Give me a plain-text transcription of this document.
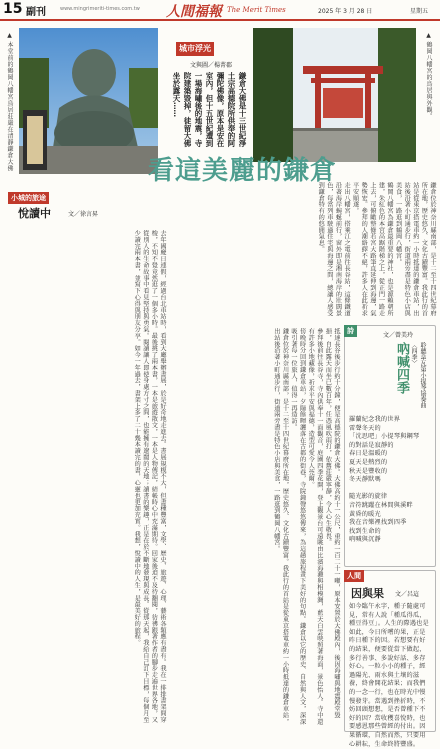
15 副刊	www.mingrimeriti-times.com.tw 人間福報 The Merit Times	2025 年 3 月 28 日	星期五
▲ 本堂前的鶴岡八幡宮鳥居莊嚴在清靜鎌倉大佛	城市浮光
文與圖／楊菁郡
鎌倉大佛是十三世紀淨土宗高德院所供奉的阿彌陀佛像，原本是安在室內，但十五世紀遭到一場海嘯後的地震，寺院建築毀掉，徒留大佛坐於露天……	▲ 鶴岡八幡宮的鳥居與外觀。
看這美麗的鎌倉

鎌倉位於神奈川縣南部，是十二至十四世紀幕府所在地，歷史悠久、文化古蹟豐富。我此行的首站是從東京搭電車約一小時抵達的鎌倉車站，出站後沿著小町通步行，街道兩旁盡是特色小店與美食，一路逛到鶴岡八幡宮。

鶴岡八幡宮為鎌倉最重要的神社，也是源賴朝所建，朱紅色的本宮高踞階梯之上，從正門一路走上去，可俯瞰整條若宮大路筆直延伸到海邊，氣勢恢宏。參拜的人潮絡繹不絕，許多人在此祈求平安順遂。

走出八幡宮，搭乘江之電前往長谷站，這條鐵道沿著海岸蜿蜒前行，窗外即是湘南海岸的壯闊景色，每當列車駛過住宅與海邊之間，總讓人感受到鎌倉特有的悠閒氣息。

抵達長谷後步行約十分鐘，便是高德院的鎌倉大佛。大佛高約十一公尺，重約一百二十一噸，原本安置於大佛殿內，後因海嘯與地震殿堂毀損，自此露天而坐已數百年，任憑風吹雨打，依舊莊嚴寧靜，令人心生敬畏。

參拜後前往長谷寺，寺內供奉十一面觀音，庭園四季花開，登上觀景台可遠眺由比濱海灘與相模灣，藍天白雲映照著海面，景色怡人。寺中還有許多小地藏像，祈求平安與福德，造型可愛令人莞爾。

傍晚時分回到鎌倉車站，夕陽餘暉灑落在古都的街巷，寺院鐘聲悠悠傳來，為這趟旅程畫下美好的句點。鎌倉以它的歷史、自然與人文，深深吸引著每一位旅人，值得一再造訪。

鎌倉位於神奈川縣南部，是十二至十四世紀幕府所在地，歷史悠久、文化古蹟豐富。我此行的首站是從東京搭電車約一小時抵達的鎌倉車站，出站後沿著小町通步行，街道兩旁盡是特色小店與美食，一路逛到鶴岡八幡宮。

小城的旅途
悅讀中	文／徐言昇

去年國慶日連假，經過台北車站時，看到大廳舉辦書展，於是好奇地走進去。書展規模不大，但書種豐富，文學、歷史、旅遊、心理、藝術各類應有盡有。我在一排排書架間穿梭，不知不覺竟然逛了一個多小時。最後挑了兩本書，一本是旅遊散文，一本是人物傳記，結帳時心中充滿期待。回家後迫不及待翻閱，彷彿跟著作者的腳步走遍世界各地，又從別人的生命故事中看見堅持與勇氣。閱讀讓人即使身處方寸之間，也能擁有遼闊的天地；讀書的樂趣，正是在於不斷地發現與成長。從那天起，我給自己訂下目標，每個月至少讀完兩本書，並寫下心得與朋友分享。如今一年過去，書架上多了二十幾本讀完的書，心靈也更加充實。我想，悅讀中的人生，是最美好的旅程。	詩
文／曾美玲
吶喊四季	聆聽韋瓦第小提琴協奏曲〈四季〉
羅蘭紀念我的世界
雷聲冬天的
「沈思吧」小提琴與鋼琴
的對話是寂靜的
春日是溫暖的
夏天是熱烈的
秋天是豐收的
冬天靜默嗎

隨光影的旋律
音符跳躍在林間與溪畔
黃昏的暖光
我在音樂裡找到四季
找到生命的
吶喊與沉靜
人間
因與果 文／呂這
如今臨午永字，種子隨處可見，常有人說「種瓜得瓜，種豆得豆」。人生的際遇也是如此，今日所嚐的果，正是昨日種下的因。若想要有好的結果，便要從當下做起，多行善事、多說好話、多存好心。一粒小小的種子，經過陽光、雨水與土壤的滋養，終會開花結果；而我們的一念一行，也在時光中慢慢發芽。當遇到挫折時，不妨回頭想想，是否曾種下不好的因？當收穫喜悅時，也要感恩那些曾經的付出。因果循環，自然而然，只要用心耕耘，生命終將豐盛。
